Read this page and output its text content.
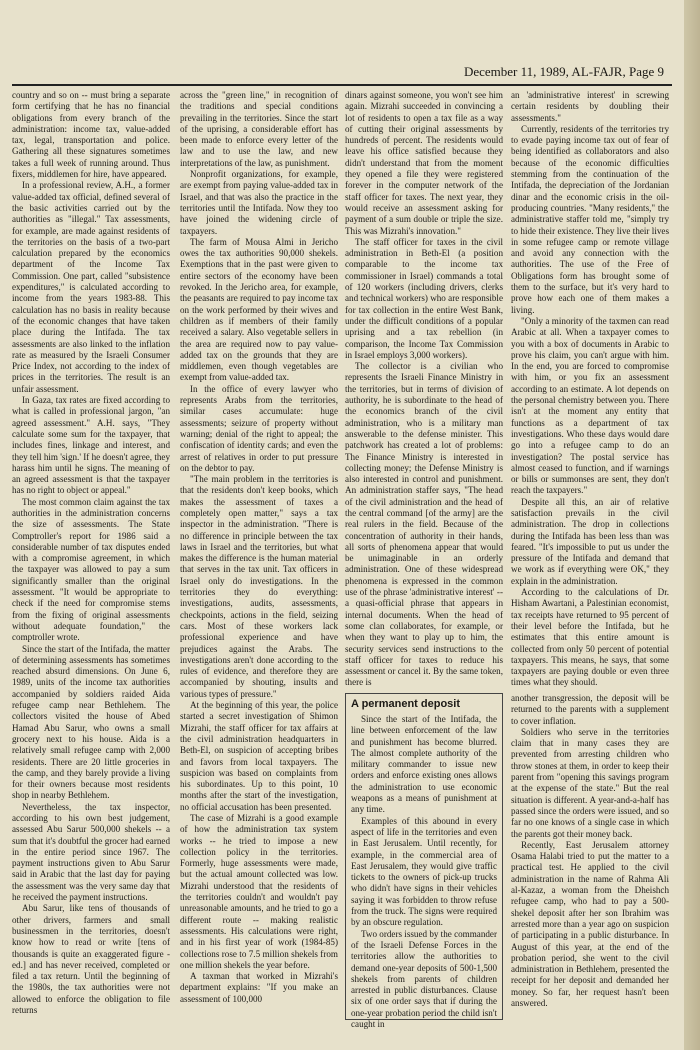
December 11, 1989, AL-FAJR, Page 9

country and so on -- must bring a separate form certifying that he has no financial obligations from every branch of the administration: income tax, value-added tax, legal, transportation and police. Gathering all these signatures sometimes takes a full week of running around. Thus fixers, middlemen for hire, have appeared.

In a professional review, A.H., a former value-added tax official, defined several of the basic activities carried out by the authorities as "illegal." Tax assessments, for example, are made against residents of the territories on the basis of a two-part calculation prepared by the economics department of the Income Tax Commission. One part, called "subsistence expenditures," is calculated according to income from the years 1983-88. This calculation has no basis in reality because of the economic changes that have taken place during the Intifada. The tax assessments are also linked to the inflation rate as measured by the Israeli Consumer Price Index, not according to the index of prices in the territories. The result is an unfair assessment.

In Gaza, tax rates are fixed according to what is called in professional jargon, "an agreed assessment." A.H. says, "They calculate some sum for the taxpayer, that includes fines, linkage and interest, and they tell him 'sign.' If he doesn't agree, they harass him until he signs. The meaning of an agreed assessment is that the taxpayer has no right to object or appeal."

The most common claim against the tax authorities in the administration concerns the size of assessments. The State Comptroller's report for 1986 said a considerable number of tax disputes ended with a compromise agreement, in which the taxpayer was allowed to pay a sum significantly smaller than the original assessment. "It would be appropriate to check if the need for compromise stems from the fixing of original assessments without adequate foundation," the comptroller wrote.

Since the start of the Intifada, the matter of determining assessments has sometimes reached absurd dimensions. On June 6, 1989, units of the income tax authorities accompanied by soldiers raided Aida refugee camp near Bethlehem. The collectors visited the house of Abed Hamad Abu Sarur, who owns a small grocery next to his house. Aida is a relatively small refugee camp with 2,000 residents. There are 20 little groceries in the camp, and they barely provide a living for their owners because most residents shop in nearby Bethlehem.

Nevertheless, the tax inspector, according to his own best judgement, assessed Abu Sarur 500,000 shekels -- a sum that it's doubtful the grocer had earned in the entire period since 1967. The payment instructions given to Abu Sarur said in Arabic that the last day for paying the assessment was the very same day that he received the payment instructions.

Abu Sarur, like tens of thousands of other drivers, farmers and small businessmen in the territories, doesn't know how to read or write [tens of thousands is quite an exaggerated figure - ed.] and has never received, completed or filed a tax return. Until the beginning of the 1980s, the tax authorities were not allowed to enforce the obligation to file returns

across the "green line," in recognition of the traditions and special conditions prevailing in the territories. Since the start of the uprising, a considerable effort has been made to enforce every letter of the law and to use the law, and new interpretations of the law, as punishment.

Nonprofit organizations, for example, are exempt from paying value-added tax in Israel, and that was also the practice in the territories until the Intifada. Now they too have joined the widening circle of taxpayers.

The farm of Mousa Almi in Jericho owes the tax authorities 90,000 shekels. Exemptions that in the past were given to entire sectors of the economy have been revoked. In the Jericho area, for example, the peasants are required to pay income tax on the work performed by their wives and children as if members of their family received a salary. Also vegetable sellers in the area are required now to pay value-added tax on the grounds that they are middlemen, even though vegetables are exempt from value-added tax.

In the office of every lawyer who represents Arabs from the territories, similar cases accumulate: huge assessments; seizure of property without warning; denial of the right to appeal; the confiscation of identity cards; and even the arrest of relatives in order to put pressure on the debtor to pay.

"The main problem in the territories is that the residents don't keep books, which makes the assessment of taxes a completely open matter," says a tax inspector in the administration. "There is no difference in principle between the tax laws in Israel and the territories, but what makes the difference is the human material that serves in the tax unit. Tax officers in Israel only do investigations. In the territories they do everything: investigations, audits, assessments, checkpoints, actions in the field, seizing cars. Most of these workers lack professional experience and have prejudices against the Arabs. The investigations aren't done according to the rules of evidence, and therefore they are accompanied by shouting, insults and various types of pressure."

At the beginning of this year, the police started a secret investigation of Shimon Mizrahi, the staff officer for tax affairs at the civil administration headquarters in Beth-El, on suspicion of accepting bribes and favors from local taxpayers. The suspicion was based on complaints from his subordinates. Up to this point, 10 months after the start of the investigation, no official accusation has been presented.

The case of Mizrahi is a good example of how the administration tax system works -- he tried to impose a new collection policy in the territories. Formerly, huge assessments were made, but the actual amount collected was low. Mizrahi understood that the residents of the territories couldn't and wouldn't pay unreasonable amounts, and he tried to go a different route -- making realistic assessments. His calculations were right, and in his first year of work (1984-85) collections rose to 7.5 million shekels from one million shekels the year before.

A taxman that worked in Mizrahi's department explains: "If you make an assessment of 100,000

dinars against someone, you won't see him again. Mizrahi succeeded in convincing a lot of residents to open a tax file as a way of cutting their original assessments by hundreds of percent. The residents would leave his office satisfied because they didn't understand that from the moment they opened a file they were registered forever in the computer network of the staff officer for taxes. The next year, they would receive an assessment asking for payment of a sum double or triple the size. This was Mizrahi's innovation."

The staff officer for taxes in the civil administration in Beth-El (a position comparable to the income tax commissioner in Israel) commands a total of 120 workers (including drivers, clerks and technical workers) who are responsible for tax collection in the entire West Bank, under the difficult conditions of a popular uprising and a tax rebellion (in comparison, the Income Tax Commission in Israel employs 3,000 workers).

The collector is a civilian who represents the Israeli Finance Ministry in the territories, but in terms of division of authority, he is subordinate to the head of the economics branch of the civil administration, who is a military man answerable to the defense minister. This patchwork has created a lot of problems: The Finance Ministry is interested in collecting money; the Defense Ministry is also interested in control and punishment. An administration staffer says, "The head of the civil administration and the head of the central command [of the army] are the real rulers in the field. Because of the concentration of authority in their hands, all sorts of phenomena appear that would be unimaginable in an orderly administration. One of these widespread phenomena is expressed in the common use of the phrase 'administrative interest' -- a quasi-official phrase that appears in internal documents. When the head of some clan collaborates, for example, or when they want to play up to him, the security services send instructions to the staff officer for taxes to reduce his assessment or cancel it. By the same token, there is

an 'administrative interest' in screwing certain residents by doubling their assessments."

Currently, residents of the territories try to evade paying income tax out of fear of being identified as collaborators and also because of the economic difficulties stemming from the continuation of the Intifada, the depreciation of the Jordanian dinar and the economic crisis in the oil-producing countries. "Many residents," the administrative staffer told me, "simply try to hide their existence. They live their lives in some refugee camp or remote village and avoid any connection with the authorities. The use of the Free of Obligations form has brought some of them to the surface, but it's very hard to prove how each one of them makes a living.

"Only a minority of the taxmen can read Arabic at all. When a taxpayer comes to you with a box of documents in Arabic to prove his claim, you can't argue with him. In the end, you are forced to compromise with him, or you fix an assessment according to an estimate. A lot depends on the personal chemistry between you. There isn't at the moment any entity that functions as a department of tax investigations. Who these days would dare go into a refugee camp to do an investigation? The postal service has almost ceased to function, and if warnings or bills or summonses are sent, they don't reach the taxpayers."

Despite all this, an air of relative satisfaction prevails in the civil administration. The drop in collections during the Intifada has been less than was feared. "It's impossible to put us under the pressure of the Intifada and demand that we work as if everything were OK," they explain in the administration.

According to the calculations of Dr. Hisham Awartani, a Palestinian economist, tax receipts have returned to 95 percent of their level before the Intifada, but he estimates that this entire amount is collected from only 50 percent of potential taxpayers. This means, he says, that some taxpayers are paying double or even three times what they should.

A permanent deposit

Since the start of the Intifada, the line between enforcement of the law and punishment has become blurred. The almost complete authority of the military commander to issue new orders and enforce existing ones allows the administration to use economic weapons as a means of punishment at any time.

Examples of this abound in every aspect of life in the territories and even in East Jerusalem. Until recently, for example, in the commercial area of East Jerusalem, they would give traffic tickets to the owners of pick-up trucks who didn't have signs in their vehicles saying it was forbidden to throw refuse from the truck. The signs were required by an obscure regulation.

Two orders issued by the commander of the Israeli Defense Forces in the territories allow the authorities to demand one-year deposits of 500-1,500 shekels from parents of children arrested in public disturbances. Clause six of one order says that if during the one-year probation period the child isn't caught in

another transgression, the deposit will be returned to the parents with a supplement to cover inflation.

Soldiers who serve in the territories claim that in many cases they are prevented from arresting children who throw stones at them, in order to keep their parent from "opening this savings program at the expense of the state." But the real situation is different. A year-and-a-half has passed since the orders were issued, and so far no one knows of a single case in which the parents got their money back.

Recently, East Jerusalem attorney Osama Halabi tried to put the matter to a practical test. He applied to the civil administration in the name of Rahma Ali al-Kazaz, a woman from the Dheishch refugee camp, who had to pay a 500-shekel deposit after her son Ibrahim was arrested more than a year ago on suspicion of participating in a public disturbance. In August of this year, at the end of the probation period, she went to the civil administration in Bethlehem, presented the receipt for her deposit and demanded her money. So far, her request hasn't been answered.
